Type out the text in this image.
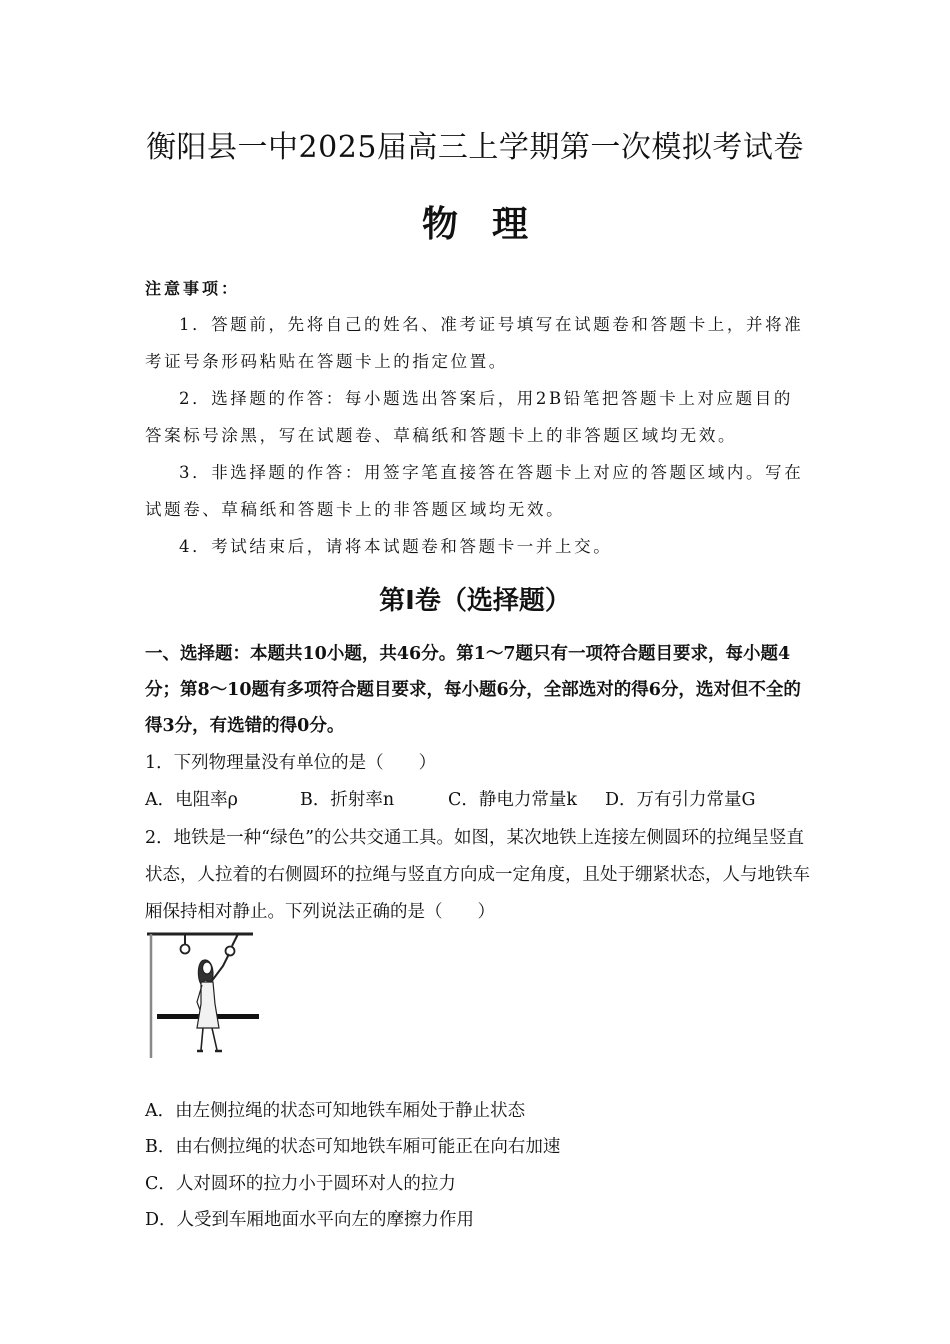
衡阳县一中2025届高三上学期第一次模拟考试卷
物理
注意事项：
1．答题前，先将自己的姓名、准考证号填写在试题卷和答题卡上，并将准考证号条形码粘贴在答题卡上的指定位置。
2．选择题的作答：每小题选出答案后，用2B铅笔把答题卡上对应题目的答案标号涂黑，写在试题卷、草稿纸和答题卡上的非答题区域均无效。
3．非选择题的作答：用签字笔直接答在答题卡上对应的答题区域内。写在试题卷、草稿纸和答题卡上的非答题区域均无效。
4．考试结束后，请将本试题卷和答题卡一并上交。
第Ⅰ卷（选择题）
一、选择题：本题共10小题，共46分。第1～7题只有一项符合题目要求，每小题4分；第8～10题有多项符合题目要求，每小题6分，全部选对的得6分，选对但不全的得3分，有选错的得0分。
1．下列物理量没有单位的是（　　）
A．电阻率ρ	B．折射率n	C．静电力常量k	D．万有引力常量G
2．地铁是一种“绿色”的公共交通工具。如图，某次地铁上连接左侧圆环的拉绳呈竖直状态，人拉着的右侧圆环的拉绳与竖直方向成一定角度，且处于绷紧状态，人与地铁车厢保持相对静止。下列说法正确的是（　　）
A．由左侧拉绳的状态可知地铁车厢处于静止状态
B．由右侧拉绳的状态可知地铁车厢可能正在向右加速
C．人对圆环的拉力小于圆环对人的拉力
D．人受到车厢地面水平向左的摩擦力作用
